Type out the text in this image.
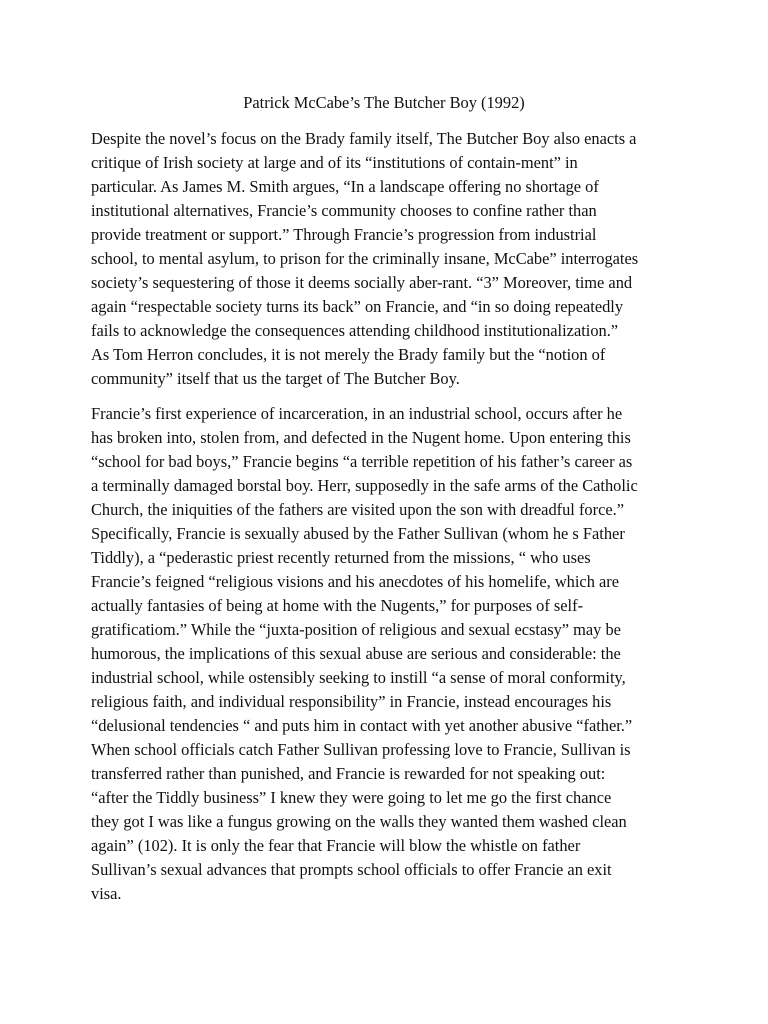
Patrick McCabe’s The Butcher Boy (1992)

Despite the novel’s focus on the Brady family itself, The Butcher Boy also enacts a
critique of Irish society at large and of its “institutions of contain-ment” in
particular. As James M. Smith argues, “In a landscape offering no shortage of
institutional alternatives, Francie’s community chooses to confine rather than
provide treatment or support.” Through Francie’s progression from industrial
school, to mental asylum, to prison for the criminally insane, McCabe” interrogates
society’s sequestering of those it deems socially aber-rant. “3” Moreover, time and
again “respectable society turns its back” on Francie, and “in so doing repeatedly
fails to acknowledge the consequences attending childhood institutionalization.”
As Tom Herron concludes, it is not merely the Brady family but the “notion of
community” itself that us the target of The Butcher Boy.

Francie’s first experience of incarceration, in an industrial school, occurs after he
has broken into, stolen from, and defected in the Nugent home. Upon entering this
“school for bad boys,” Francie begins “a terrible repetition of his father’s career as
a terminally damaged borstal boy. Herr, supposedly in the safe arms of the Catholic
Church, the iniquities of the fathers are visited upon the son with dreadful force.”
Specifically, Francie is sexually abused by the Father Sullivan (whom he s Father
Tiddly), a “pederastic priest recently returned from the missions, “ who uses
Francie’s feigned “religious visions and his anecdotes of his homelife, which are
actually fantasies of being at home with the Nugents,” for purposes of self-
gratificatiom.” While the “juxta-position of religious and sexual ecstasy” may be
humorous, the implications of this sexual abuse are serious and considerable: the
industrial school, while ostensibly seeking to instill “a sense of moral conformity,
religious faith, and individual responsibility” in Francie, instead encourages his
“delusional tendencies “ and puts him in contact with yet another abusive “father.”
When school officials catch Father Sullivan professing love to Francie, Sullivan is
transferred rather than punished, and Francie is rewarded for not speaking out:
“after the Tiddly business” I knew they were going to let me go the first chance
they got I was like a fungus growing on the walls they wanted them washed clean
again” (102). It is only the fear that Francie will blow the whistle on father
Sullivan’s sexual advances that prompts school officials to offer Francie an exit
visa.
